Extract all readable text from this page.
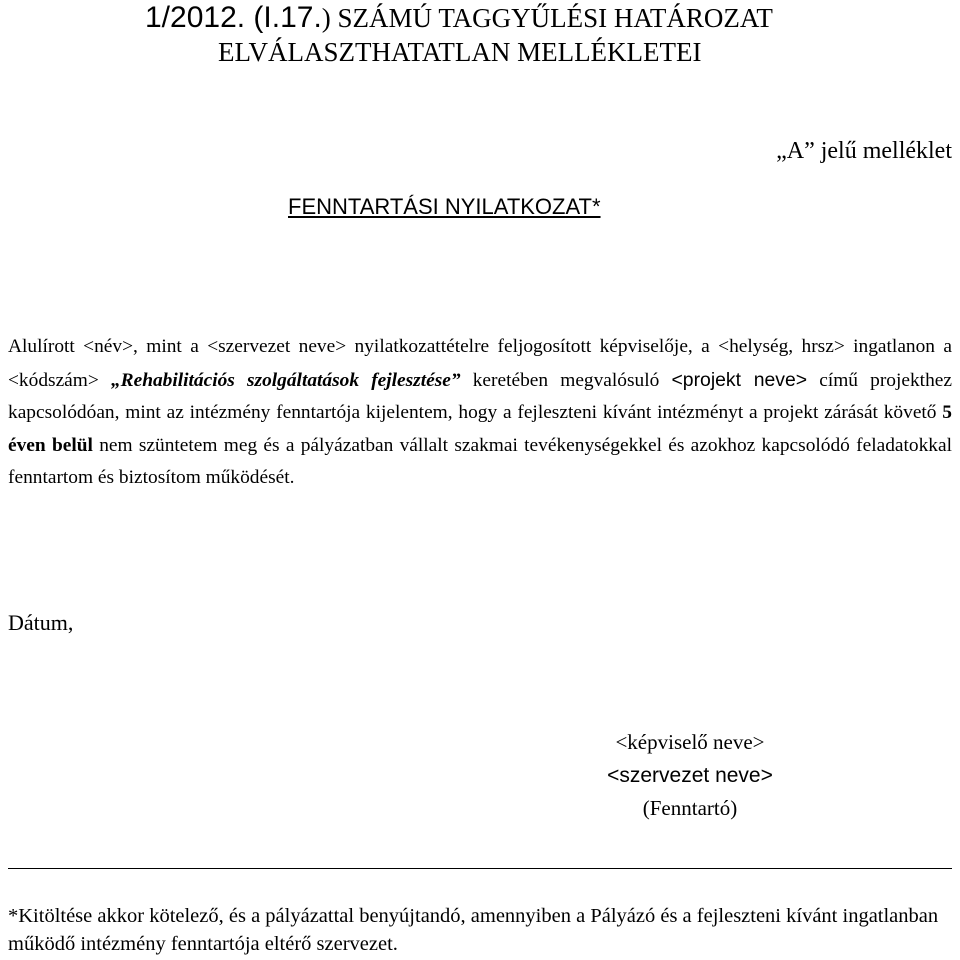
1/2012. (I.17.) SZÁMÚ TAGGYŰLÉSI HATÁROZAT
ELVÁLASZTHATATLAN MELLÉKLETEI
„A” jelű melléklet
FENNTARTÁSI NYILATKOZAT*
Alulírott <név>, mint a <szervezet neve> nyilatkozattételre feljogosított képviselője, a <helység, hrsz> ingatlanon a <kódszám> „Rehabilitációs szolgáltatások fejlesztése” keretében megvalósuló <projekt neve> című projekthez kapcsolódóan, mint az intézmény fenntartója kijelentem, hogy a fejleszteni kívánt intézményt a projekt zárását követő 5 éven belül nem szüntetem meg és a pályázatban vállalt szakmai tevékenységekkel és azokhoz kapcsolódó feladatokkal fenntartom és biztosítom működését.
Dátum,
<képviselő neve>
<szervezet neve>
(Fenntartó)
*Kitöltése akkor kötelező, és a pályázattal benyújtandó, amennyiben a Pályázó és a fejleszteni kívánt ingatlanban működő intézmény fenntartója eltérő szervezet.
